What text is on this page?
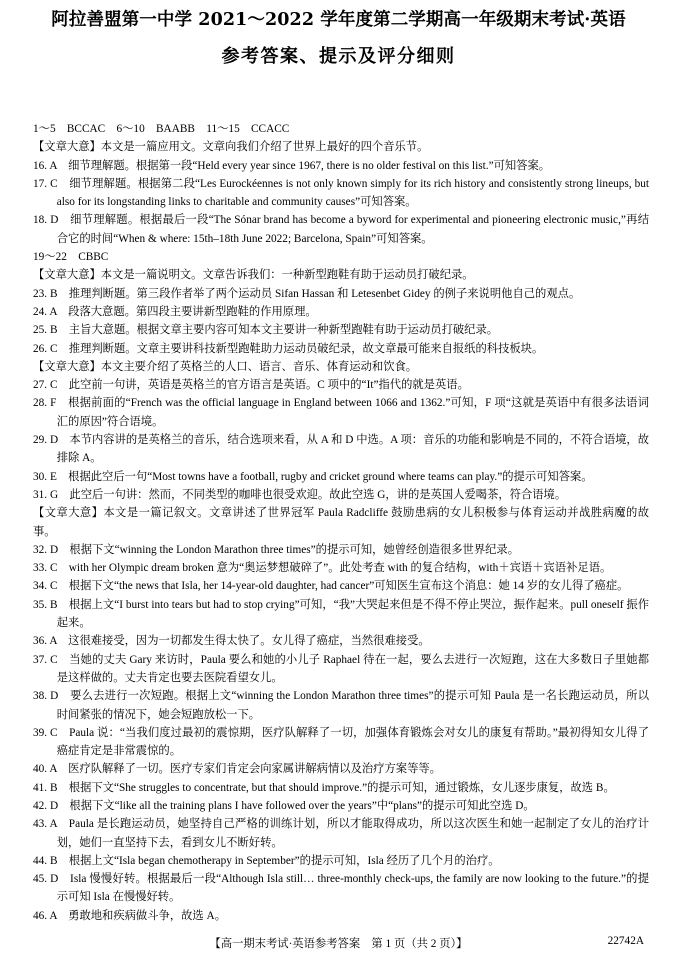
阿拉善盟第一中学 2021～2022 学年度第二学期高一年级期末考试·英语
参考答案、提示及评分细则

1～5　BCCAC　6～10　BAABB　11～15　CCACC

【文章大意】本文是一篇应用文。文章向我们介绍了世界上最好的四个音乐节。

16. A　细节理解题。根据第一段“Held every year since 1967, there is no older festival on this list.”可知答案。

17. C　细节理解题。根据第二段“Les Eurockéennes is not only known simply for its rich history and consistently strong lineups, but also for its longstanding links to charitable and community causes”可知答案。

18. D　细节理解题。根据最后一段“The Sónar brand has become a byword for experimental and pioneering electronic music,”再结合它的时间“When & where: 15th–18th June 2022; Barcelona, Spain”可知答案。

19～22　CBBC

【文章大意】本文是一篇说明文。文章告诉我们：一种新型跑鞋有助于运动员打破纪录。

23. B　推理判断题。第三段作者举了两个运动员 Sifan Hassan 和 Letesenbet Gidey 的例子来说明他自己的观点。

24. A　段落大意题。第四段主要讲新型跑鞋的作用原理。

25. B　主旨大意题。根据文章主要内容可知本文主要讲一种新型跑鞋有助于运动员打破纪录。

26. C　推理判断题。文章主要讲科技新型跑鞋助力运动员破纪录，故文章最可能来自报纸的科技板块。

【文章大意】本文主要介绍了英格兰的人口、语言、音乐、体育运动和饮食。

27. C　此空前一句讲，英语是英格兰的官方语言是英语。C 项中的“It”指代的就是英语。

28. F　根据前面的“French was the official language in England between 1066 and 1362.”可知，F 项“这就是英语中有很多法语词汇的原因”符合语境。

29. D　本节内容讲的是英格兰的音乐，结合选项来看，从 A 和 D 中选。A 项：音乐的功能和影响是不同的，不符合语境，故排除 A。

30. E　根据此空后一句“Most towns have a football, rugby and cricket ground where teams can play.”的提示可知答案。

31. G　此空后一句讲：然而，不同类型的咖啡也很受欢迎。故此空选 G，讲的是英国人爱喝茶，符合语境。

【文章大意】本文是一篇记叙文。文章讲述了世界冠军 Paula Radcliffe 鼓励患病的女儿积极参与体育运动并战胜病魔的故事。

32. D　根据下文“winning the London Marathon three times”的提示可知，她曾经创造很多世界纪录。

33. C　with her Olympic dream broken 意为“奥运梦想破碎了”。此处考查 with 的复合结构，with＋宾语＋宾语补足语。

34. C　根据下文“the news that Isla, her 14-year-old daughter, had cancer”可知医生宣布这个消息：她 14 岁的女儿得了癌症。

35. B　根据上文“I burst into tears but had to stop crying”可知，“我”大哭起来但是不得不停止哭泣，振作起来。pull oneself 振作起来。

36. A　这很难接受，因为一切都发生得太快了。女儿得了癌症，当然很难接受。

37. C　当她的丈夫 Gary 来访时，Paula 要么和她的小儿子 Raphael 待在一起，要么去进行一次短跑，这在大多数日子里她都是这样做的。丈夫肯定也要去医院看望女儿。

38. D　要么去进行一次短跑。根据上文“winning the London Marathon three times”的提示可知 Paula 是一名长跑运动员，所以时间紧张的情况下，她会短跑放松一下。

39. C　Paula 说：“当我们度过最初的震惊期，医疗队解释了一切，加强体育锻炼会对女儿的康复有帮助。”最初得知女儿得了癌症肯定是非常震惊的。

40. A　医疗队解释了一切。医疗专家们肯定会向家属讲解病情以及治疗方案等等。

41. B　根据下文“She struggles to concentrate, but that should improve.”的提示可知，通过锻炼，女儿逐步康复，故选 B。

42. D　根据下文“like all the training plans I have followed over the years”中“plans”的提示可知此空选 D。

43. A　Paula 是长跑运动员，她坚持自己严格的训练计划，所以才能取得成功，所以这次医生和她一起制定了女儿的治疗计划，她们一直坚持下去，看到女儿不断好转。

44. B　根据上文“Isla began chemotherapy in September”的提示可知，Isla 经历了几个月的治疗。

45. D　Isla 慢慢好转。根据最后一段“Although Isla still… three-monthly check-ups, the family are now looking to the future.”的提示可知 Isla 在慢慢好转。

46. A　勇敢地和疾病做斗争，故选 A。

【高一期末考试·英语参考答案　第 1 页（共 2 页）】	22742A
